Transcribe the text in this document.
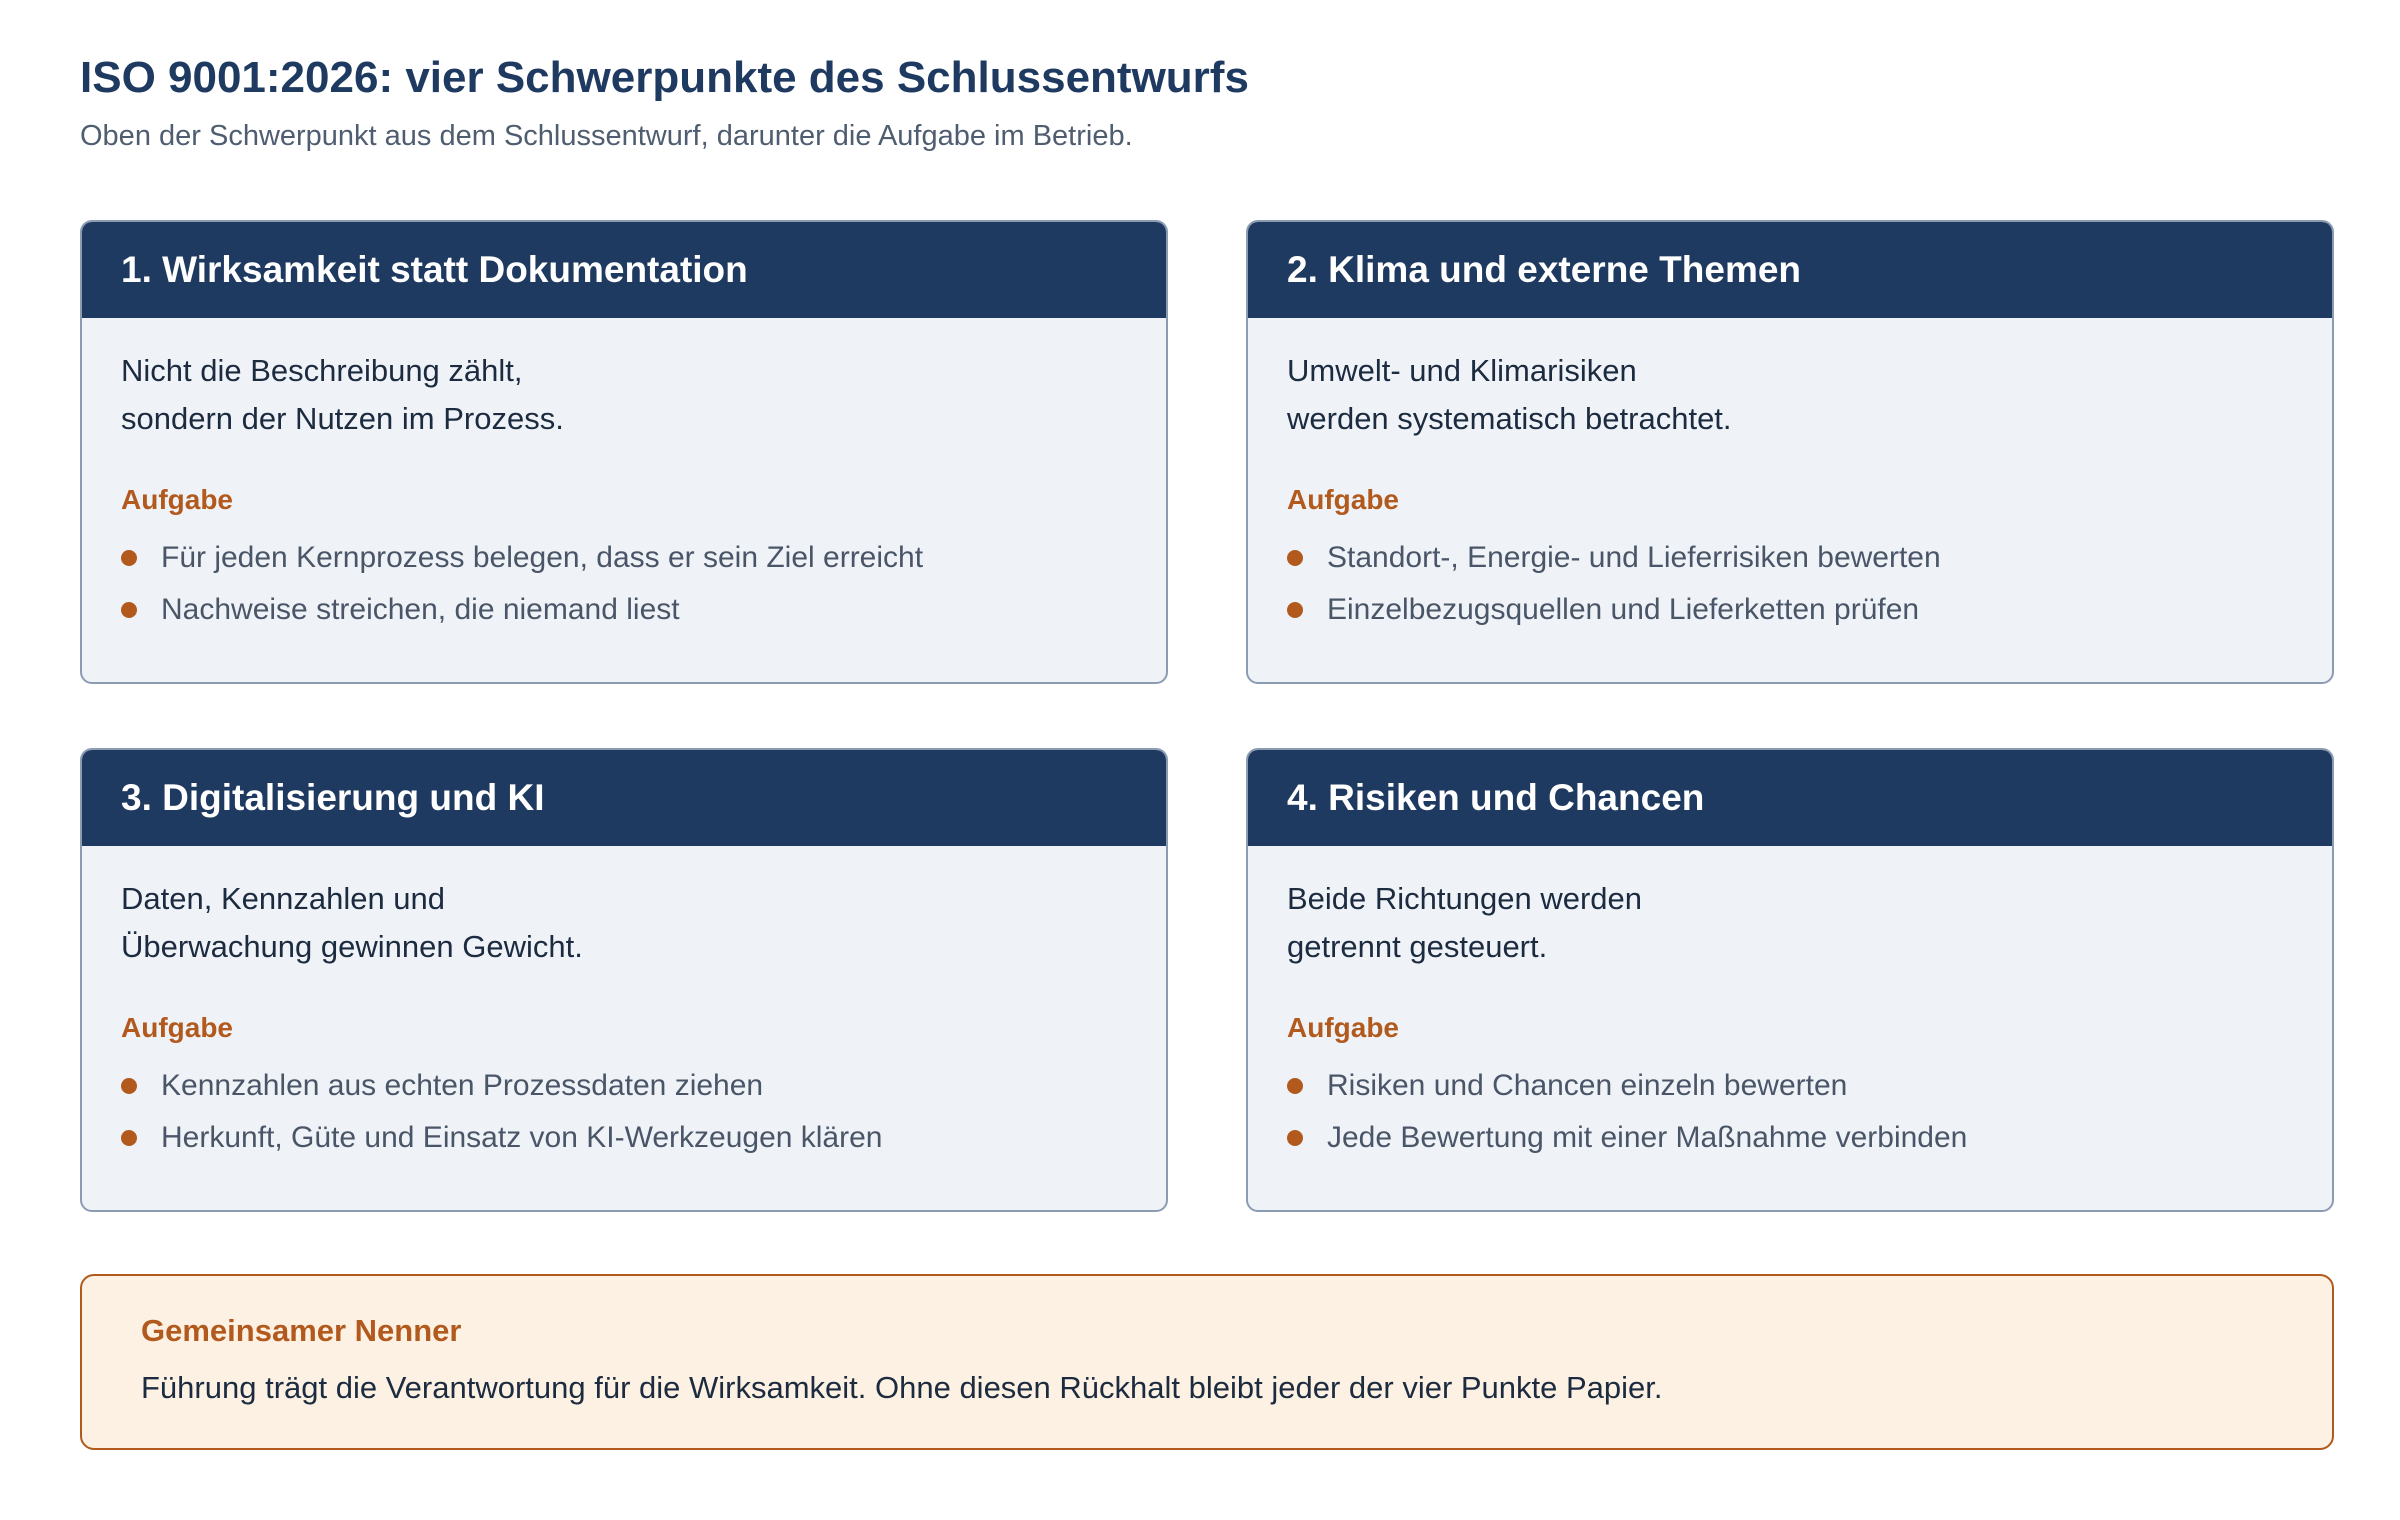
ISO 9001:2026: vier Schwerpunkte des Schlussentwurfs

Oben der Schwerpunkt aus dem Schlussentwurf, darunter die Aufgabe im Betrieb.

1. Wirksamkeit statt Dokumentation

Nicht die Beschreibung zählt,
sondern der Nutzen im Prozess.

Aufgabe
Für jeden Kernprozess belegen, dass er sein Ziel erreicht
Nachweise streichen, die niemand liest
2. Klima und externe Themen

Umwelt- und Klimarisiken
werden systematisch betrachtet.

Aufgabe
Standort-, Energie- und Lieferrisiken bewerten
Einzelbezugsquellen und Lieferketten prüfen
3. Digitalisierung und KI

Daten, Kennzahlen und
Überwachung gewinnen Gewicht.

Aufgabe
Kennzahlen aus echten Prozessdaten ziehen
Herkunft, Güte und Einsatz von KI-Werkzeugen klären
4. Risiken und Chancen

Beide Richtungen werden
getrennt gesteuert.

Aufgabe
Risiken und Chancen einzeln bewerten
Jede Bewertung mit einer Maßnahme verbinden
Gemeinsamer Nenner
Führung trägt die Verantwortung für die Wirksamkeit. Ohne diesen Rückhalt bleibt jeder der vier Punkte Papier.
